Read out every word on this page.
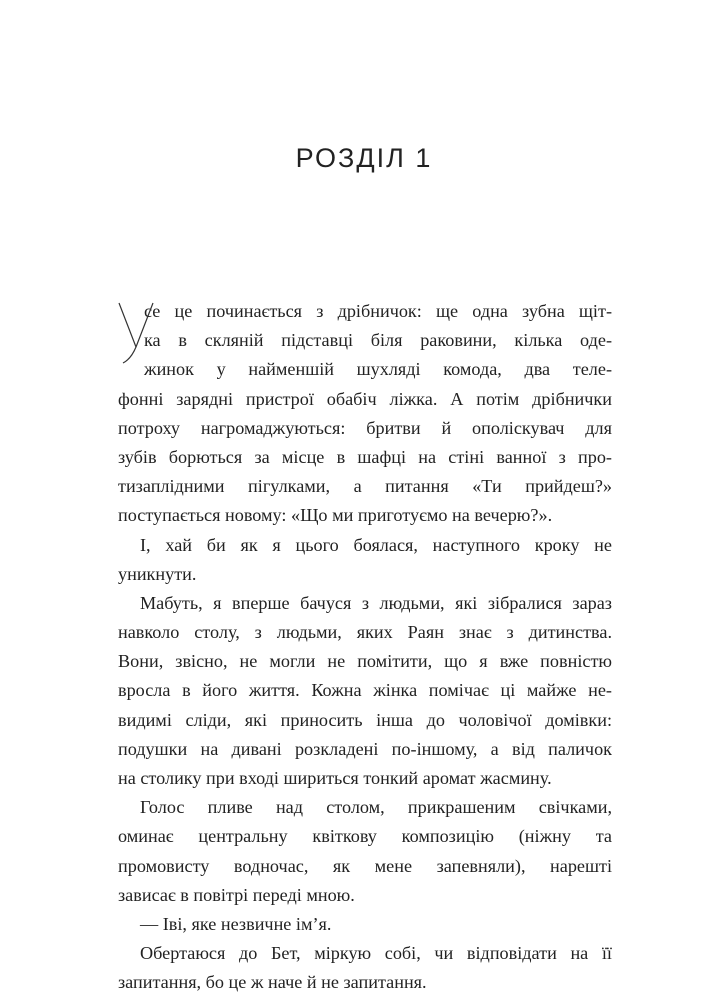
РОЗДІЛ 1
се це починається з дрібничок: ще одна зубна щіт-
ка в скляній підставці біля раковини, кілька оде-
жинок у найменшій шухляді комода, два теле-
фонні зарядні пристрої обабіч ліжка. А потім дрібнички
потроху нагромаджуються: бритви й ополіскувач для
зубів борються за місце в шафці на стіні ванної з про-
тизаплідними пігулками, а питання «Ти прийдеш?»
поступається новому: «Що ми приготуємо на вечерю?».
І, хай би як я цього боялася, наступного кроку не
уникнути.
Мабуть, я вперше бачуся з людьми, які зібралися зараз
навколо столу, з людьми, яких Раян знає з дитинства.
Вони, звісно, не могли не помітити, що я вже повністю
вросла в його життя. Кожна жінка помічає ці майже не-
видимі сліди, які приносить інша до чоловічої домівки:
подушки на дивані розкладені по-іншому, а від паличок
на столику при вході шириться тонкий аромат жасмину.
Голос пливе над столом, прикрашеним свічками,
оминає центральну квіткову композицію (ніжну та
промовисту водночас, як мене запевняли), нарешті
зависає в повітрі переді мною.
— Іві, яке незвичне ім’я.
Обертаюся до Бет, міркую собі, чи відповідати на її
запитання, бо це ж наче й не запитання.
